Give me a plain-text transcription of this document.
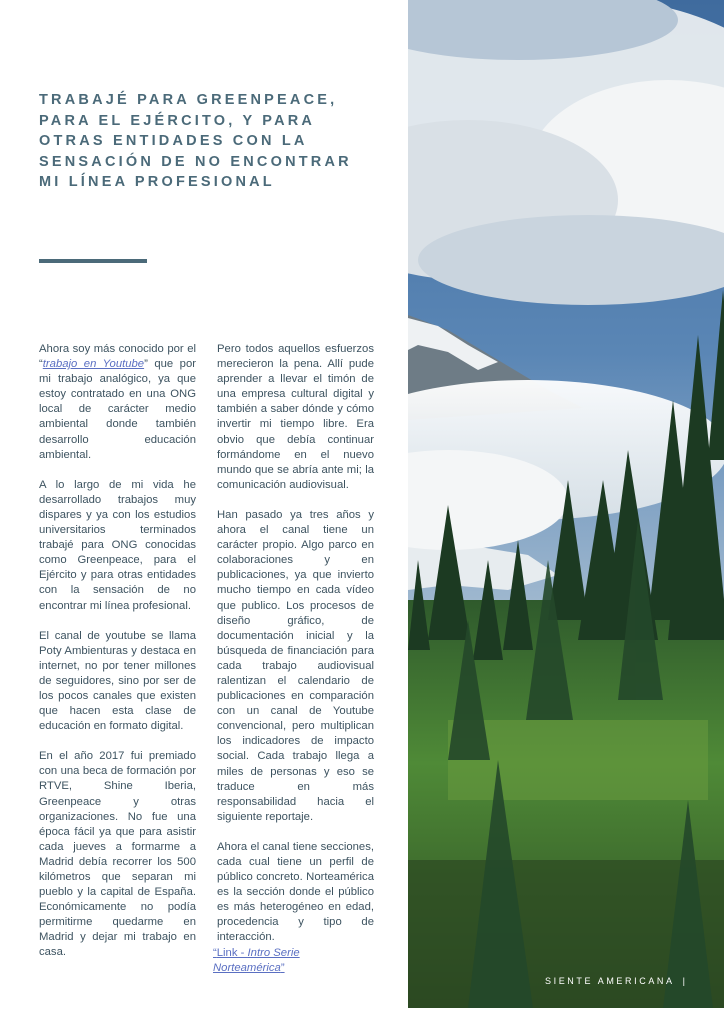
TRABAJÉ PARA GREENPEACE, PARA EL EJÉRCITO, Y PARA OTRAS ENTIDADES CON LA SENSACIÓN DE NO ENCONTRAR MI LÍNEA PROFESIONAL

Ahora soy más conocido por el “trabajo en Youtube” que por mi trabajo analógico, ya que estoy contratado en una ONG local de carácter medio ambiental donde también desarrollo educación ambiental.

A lo largo de mi vida he desarrollado trabajos muy dispares y ya con los estudios universitarios terminados trabajé para ONG conocidas como Greenpeace, para el Ejército y para otras entidades con la sensación de no encontrar mi línea profesional.

El canal de youtube se llama Poty Ambienturas y destaca en internet, no por tener millones de seguidores, sino por ser de los pocos canales que existen que hacen esta clase de educación en formato digital.

En el año 2017 fui premiado con una beca de formación por RTVE, Shine Iberia, Greenpeace y otras organizaciones. No fue una época fácil ya que para asistir cada jueves a formarme a Madrid debía recorrer los 500 kilómetros que separan mi pueblo y la capital de España. Económicamente no podía permitirme quedarme en Madrid y dejar mi trabajo en casa.

Pero todos aquellos esfuerzos merecieron la pena. Allí pude aprender a llevar el timón de una empresa cultural digital y también a saber dónde y cómo invertir mi tiempo libre. Era obvio que debía continuar formándome en el nuevo mundo que se abría ante mi; la comunicación audiovisual.

Han pasado ya tres años y ahora el canal tiene un carácter propio. Algo parco en colaboraciones y en publicaciones, ya que invierto mucho tiempo en cada vídeo que publico. Los procesos de diseño gráfico, de documentación inicial y la búsqueda de financiación para cada trabajo audiovisual ralentizan el calendario de publicaciones en comparación con un canal de Youtube convencional, pero multiplican los indicadores de impacto social. Cada trabajo llega a miles de personas y eso se traduce en más responsabilidad hacia el siguiente reportaje.

Ahora el canal tiene secciones, cada cual tiene un perfil de público concreto. Norteamérica es la sección donde el público es más heterogéneo en edad, procedencia y tipo de interacción.

“Link - Intro Serie Norteamérica”
SIENTE AMERICANA |
